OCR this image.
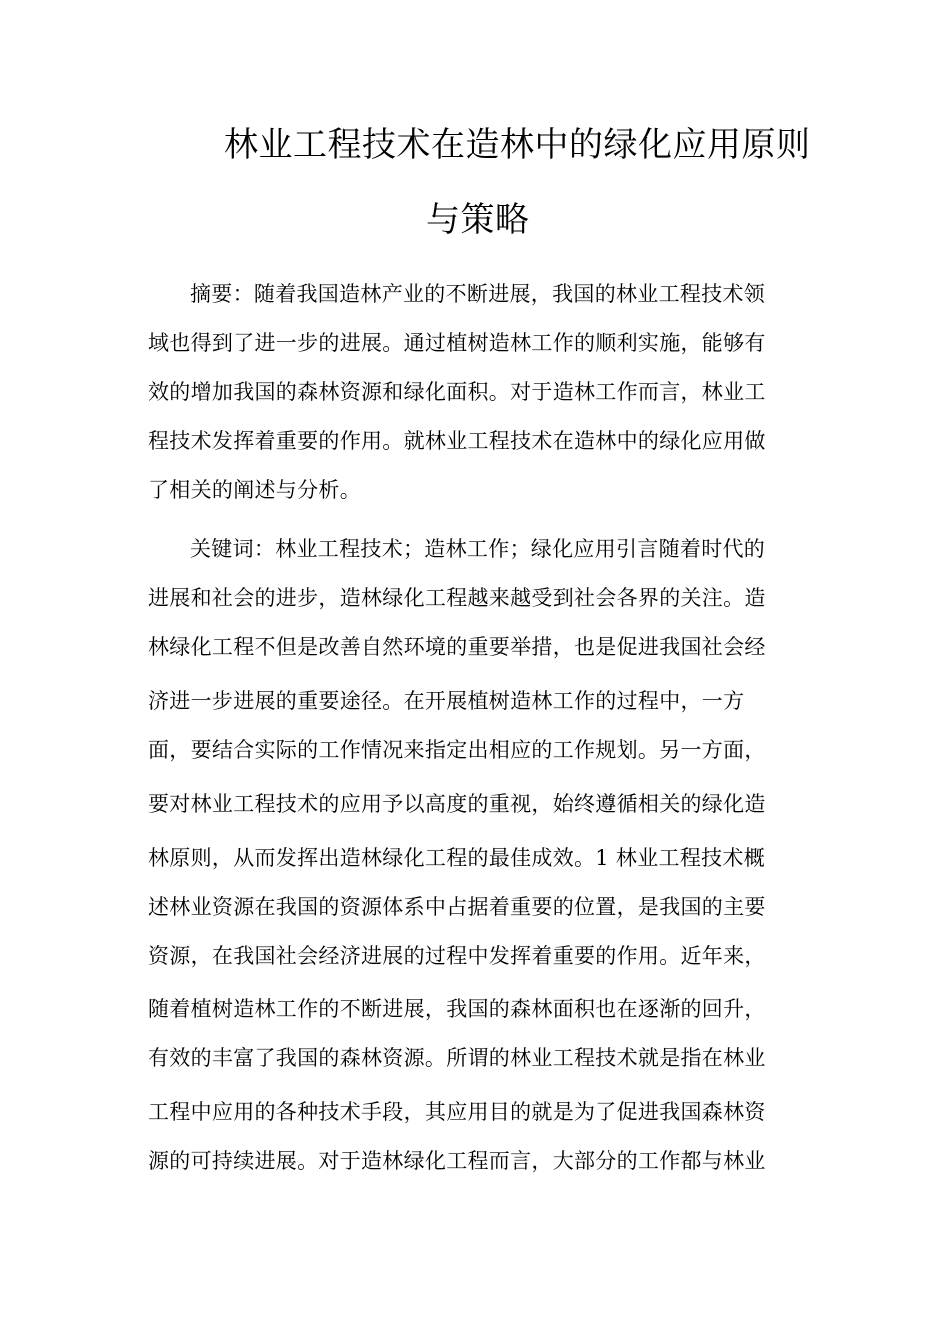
林业工程技术在造林中的绿化应用原则
与策略
摘要：随着我国造林产业的不断进展，我国的林业工程技术领
域也得到了进一步的进展。通过植树造林工作的顺利实施，能够有
效的增加我国的森林资源和绿化面积。对于造林工作而言，林业工
程技术发挥着重要的作用。就林业工程技术在造林中的绿化应用做
了相关的阐述与分析。
关键词：林业工程技术；造林工作；绿化应用引言随着时代的
进展和社会的进步，造林绿化工程越来越受到社会各界的关注。造
林绿化工程不但是改善自然环境的重要举措，也是促进我国社会经
济进一步进展的重要途径。在开展植树造林工作的过程中，一方
面，要结合实际的工作情况来指定出相应的工作规划。另一方面，
要对林业工程技术的应用予以高度的重视，始终遵循相关的绿化造
林原则，从而发挥出造林绿化工程的最佳成效。1 林业工程技术概
述林业资源在我国的资源体系中占据着重要的位置，是我国的主要
资源，在我国社会经济进展的过程中发挥着重要的作用。近年来，
随着植树造林工作的不断进展，我国的森林面积也在逐渐的回升，
有效的丰富了我国的森林资源。所谓的林业工程技术就是指在林业
工程中应用的各种技术手段，其应用目的就是为了促进我国森林资
源的可持续进展。对于造林绿化工程而言，大部分的工作都与林业
